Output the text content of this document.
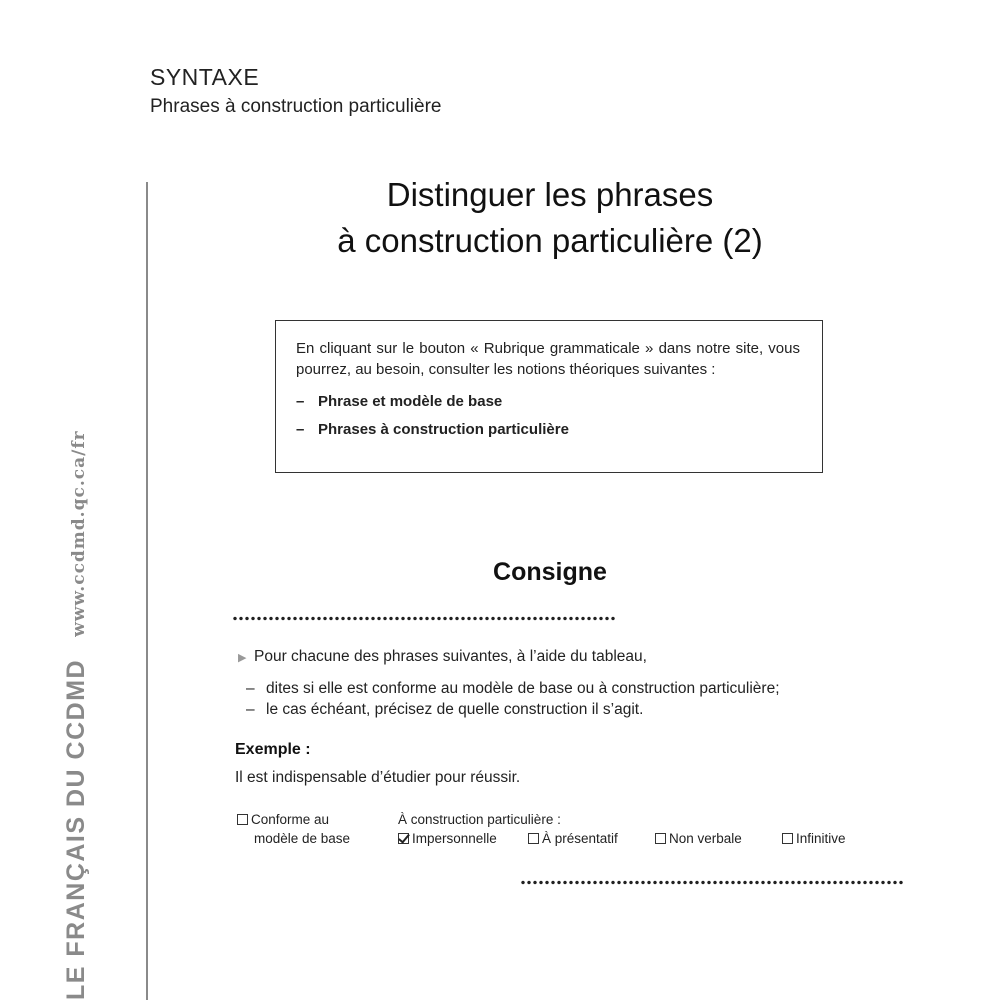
SYNTAXE
Phrases à construction particulière
LE FRANÇAIS DU CCDMD
www.ccdmd.qc.ca/fr
Distinguer les phrases
à construction particulière (2)

En cliquant sur le bouton « Rubrique grammaticale » dans notre site, vous pourrez, au besoin, consulter les notions théoriques suivantes :

– Phrase et modèle de base
– Phrases à construction particulière
Consigne
▶ Pour chacune des phrases suivantes, à l’aide du tableau,
– dites si elle est conforme au modèle de base ou à construction particulière;
– le cas échéant, précisez de quelle construction il s’agit.
Exemple :
Il est indispensable d’étudier pour réussir.
Conforme au
modèle de base
À construction particulière :
Impersonnelle	À présentatif	Non verbale	Infinitive
